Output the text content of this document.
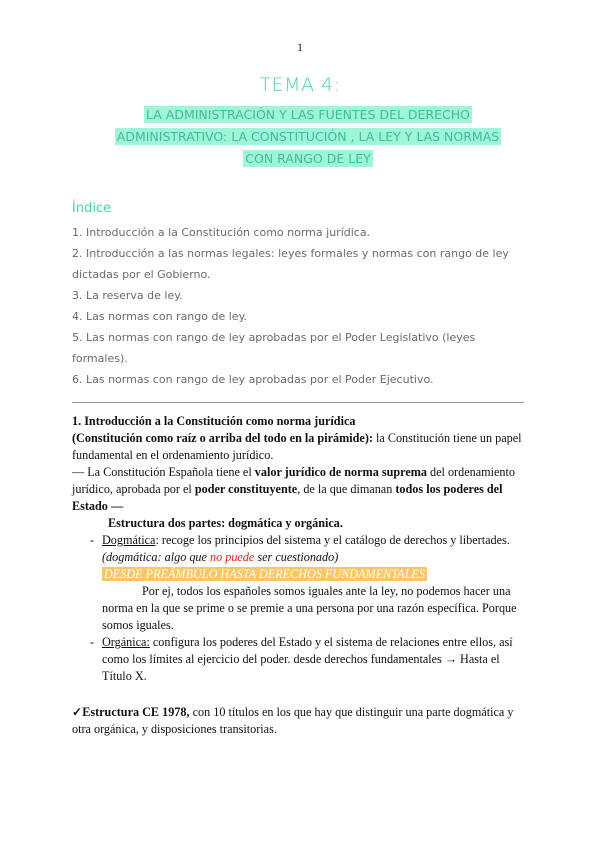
1
TEMA 4:
LA ADMINISTRACIÓN Y LAS FUENTES DEL DERECHO ADMINISTRATIVO: LA CONSTITUCIÓN , LA LEY Y LAS NORMAS CON RANGO DE LEY
Índice
1. Introducción a la Constitución como norma jurídica.
2. Introducción a las normas legales: leyes formales y normas con rango de ley dictadas por el Gobierno.
3. La reserva de ley.
4. Las normas con rango de ley.
5. Las normas con rango de ley aprobadas por el Poder Legislativo (leyes formales).
6. Las normas con rango de ley aprobadas por el Poder Ejecutivo.

1. Introducción a la Constitución como norma jurídica

(Constitución como raíz o arriba del todo en la pirámide): la Constitución tiene un papel fundamental en el ordenamiento jurídico.

— La Constitución Española tiene el valor jurídico de norma suprema del ordenamiento jurídico, aprobada por el poder constituyente, de la que dimanan todos los poderes del Estado —

Estructura dos partes: dogmática y orgánica.

- Dogmática: recoge los principios del sistema y el catálogo de derechos y libertades. (dogmática: algo que no puede ser cuestionado)
DESDE PREÁMBULO HASTA DERECHOS FUNDAMENTALES

Por ej, todos los españoles somos iguales ante la ley, no podemos hacer una norma en la que se prime o se premie a una persona por una razón específica. Porque somos iguales.

- Orgánica: configura los poderes del Estado y el sistema de relaciones entre ellos, así como los límites al ejercicio del poder. desde derechos fundamentales → Hasta el Título X.

✓Estructura CE 1978, con 10 títulos en los que hay que distinguir una parte dogmática y otra orgánica, y disposiciones transitorias.
